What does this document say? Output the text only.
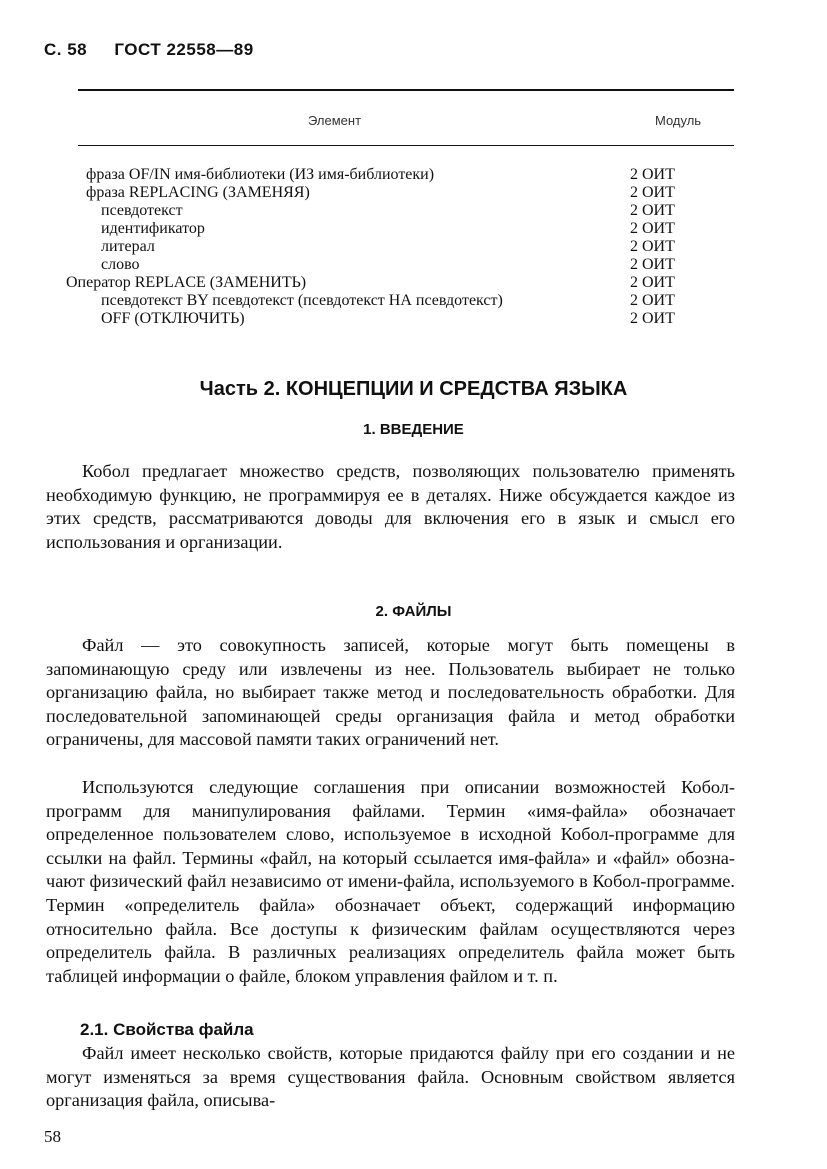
С. 58 ГОСТ 22558—89
Элемент	Модуль
фраза OF/IN имя-библиотеки (ИЗ имя-библиотеки)	2 ОИТ
фраза REPLACING (ЗАМЕНЯЯ)	2 ОИТ
псевдотекст	2 ОИТ
идентификатор	2 ОИТ
литерал	2 ОИТ
слово	2 ОИТ
Оператор REPLACE (ЗАМЕНИТЬ)	2 ОИТ
псевдотекст BY псевдотекст (псевдотекст НА псевдотекст)	2 ОИТ
OFF (ОТКЛЮЧИТЬ)	2 ОИТ
Часть 2. КОНЦЕПЦИИ И СРЕДСТВА ЯЗЫКА
1. ВВЕДЕНИЕ

Кобол предлагает множество средств, позволяющих пользователю применять необходимую функцию, не программируя ее в деталях. Ниже обсуждается каждое из этих средств, рассматриваются доводы для включения его в язык и смысл его использования и организации.

2. ФАЙЛЫ

Файл — это совокупность записей, которые могут быть помещены в запоминающую среду или извлечены из нее. Пользователь выбирает не только организацию файла, но выбирает также метод и последовательность обработки. Для последовательной запоминающей среды организация файла и метод обработки ограничены, для массовой памяти таких ограничений нет.

Используются следующие соглашения при описании возможностей Кобол-программ для манипулирования файлами. Термин «имя-файла» обозначает определенное пользователем слово, используемое в исходной Кобол-программе для ссылки на файл. Термины «файл, на который ссылается имя-файла» и «файл» обозначают физический файл независимо от имени-файла, используемого в Кобол-программе. Термин «определитель файла» обозначает объект, содержащий информацию относительно файла. Все доступы к физическим файлам осуществляются через определитель файла. В различных реализациях определитель файла может быть таблицей информации о файле, блоком управления файлом и т. п.

2.1. Свойства файла

Файл имеет несколько свойств, которые придаются файлу при его создании и не могут изменяться за время существования файла. Основным свойством является организация файла, описыва-

58
